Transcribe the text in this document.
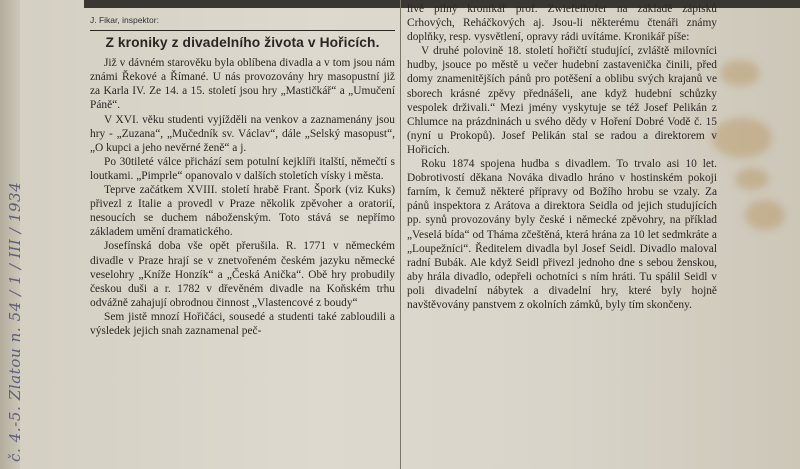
č. 4.-5. Zlatou n. 54 / 1 / III / 1934
J. Fikar, inspektor:
Z kroniky z divadelního života v Hořicích.

Již v dávném starověku byla oblíbena divadla a v tom jsou nám známi Řekové a Římané. U nás provozovány hry masopustní již za Karla IV. Ze 14. a 15. století jsou hry „Mastičkář“ a „Umučení Páně“.

V XVI. věku studenti vyjížděli na venkov a zaznamenány jsou hry - „Zuzana“, „Mučedník sv. Václav“, dále „Selský masopust“, „O kupci a jeho nevěrné ženě“ a j.

Po 30tileté válce přichází sem potulní kejklíři italští, němečtí s loutkami. „Pimprle“ opanovalo v dalších stoletích vísky i města.

Teprve začátkem XVIII. století hrabě Frant. Špork (viz Kuks) přivezl z Italie a provedl v Praze několik zpěvoher a oratorií, nesoucích se duchem náboženským. Toto stává se nepřímo základem umění dramatického.

Josefínská doba vše opět přerušila. R. 1771 v německém divadle v Praze hrají se v znetvořeném českém jazyku německé veselohry „Kníže Honzík“ a „Česká Anička“. Obě hry probudily českou duši a r. 1782 v dřevěném divadle na Koňském trhu odvážně zahajují obrodnou činnost „Vlastencové z boudy“

Sem jistě mnozí Hořičáci, sousedé a studenti také zabloudili a výsledek jejich snah zaznamenal peč-

livě pilný kronikář prof. Zwiefelhofer na základě zápisků Crhových, Reháčkových aj. Jsou-li některému čtenáři známy doplňky, resp. vysvětlení, opravy rádi uvítáme. Kronikář píše:

V druhé polovině 18. století hořičtí studující, zvláště milovníci hudby, jsouce po městě u večer hudební zastavenička činili, před domy znamenitějších pánů pro potěšení a oblibu svých krajanů ve sborech krásné zpěvy přednášeli, ane když hudební schůzky vespolek drživali.“ Mezi jmény vyskytuje se též Josef Pelikán z Chlumce na prázdninách u svého dědy v Hoření Dobré Vodě č. 15 (nyní u Prokopů). Josef Pelikán stal se radou a direktorem v Hořicích.

Roku 1874 spojena hudba s divadlem. To trvalo asi 10 let. Dobrotivostí děkana Nováka divadlo hráno v hostinském pokoji farním, k čemuž některé přípravy od Božího hrobu se vzaly. Za pánů inspektora z Arátova a direktora Seidla od jejich studujících pp. synů provozovány byly české i německé zpěvohry, na příklad „Veselá bída“ od Tháma zčeštěná, která hrána za 10 let sedmkráte a „Loupežníci“. Ředitelem divadla byl Josef Seidl. Divadlo maloval radní Bubák. Ale když Seidl přivezl jednoho dne s sebou ženskou, aby hrála divadlo, odepřeli ochotníci s ním hráti. Tu spálil Seidl v poli divadelní nábytek a divadelní hry, které byly hojně navštěvovány panstvem z okolních zámků, byly tím skončeny.
